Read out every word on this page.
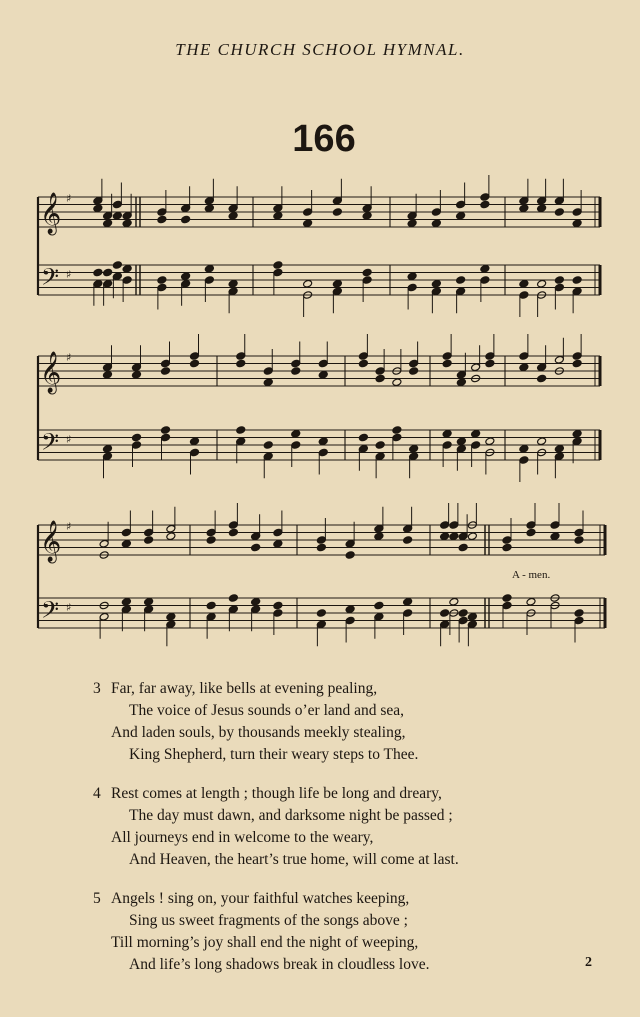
THE CHURCH SCHOOL HYMNAL.
166
𝄞
𝄢
♯
♯
𝄞
𝄢
♯
♯
𝄞
𝄢
♯
♯
A - men.
3 Far, far away, like bells at evening pealing,
The voice of Jesus sounds o’er land and sea,
And laden souls, by thousands meekly stealing,
King Shepherd, turn their weary steps to Thee.
4 Rest comes at length ; though life be long and dreary,
The day must dawn, and darksome night be passed ;
All journeys end in welcome to the weary,
And Heaven, the heart’s true home, will come at last.
5 Angels ! sing on, your faithful watches keeping,
Sing us sweet fragments of the songs above ;
Till morning’s joy shall end the night of weeping,
And life’s long shadows break in cloudless love.	2
